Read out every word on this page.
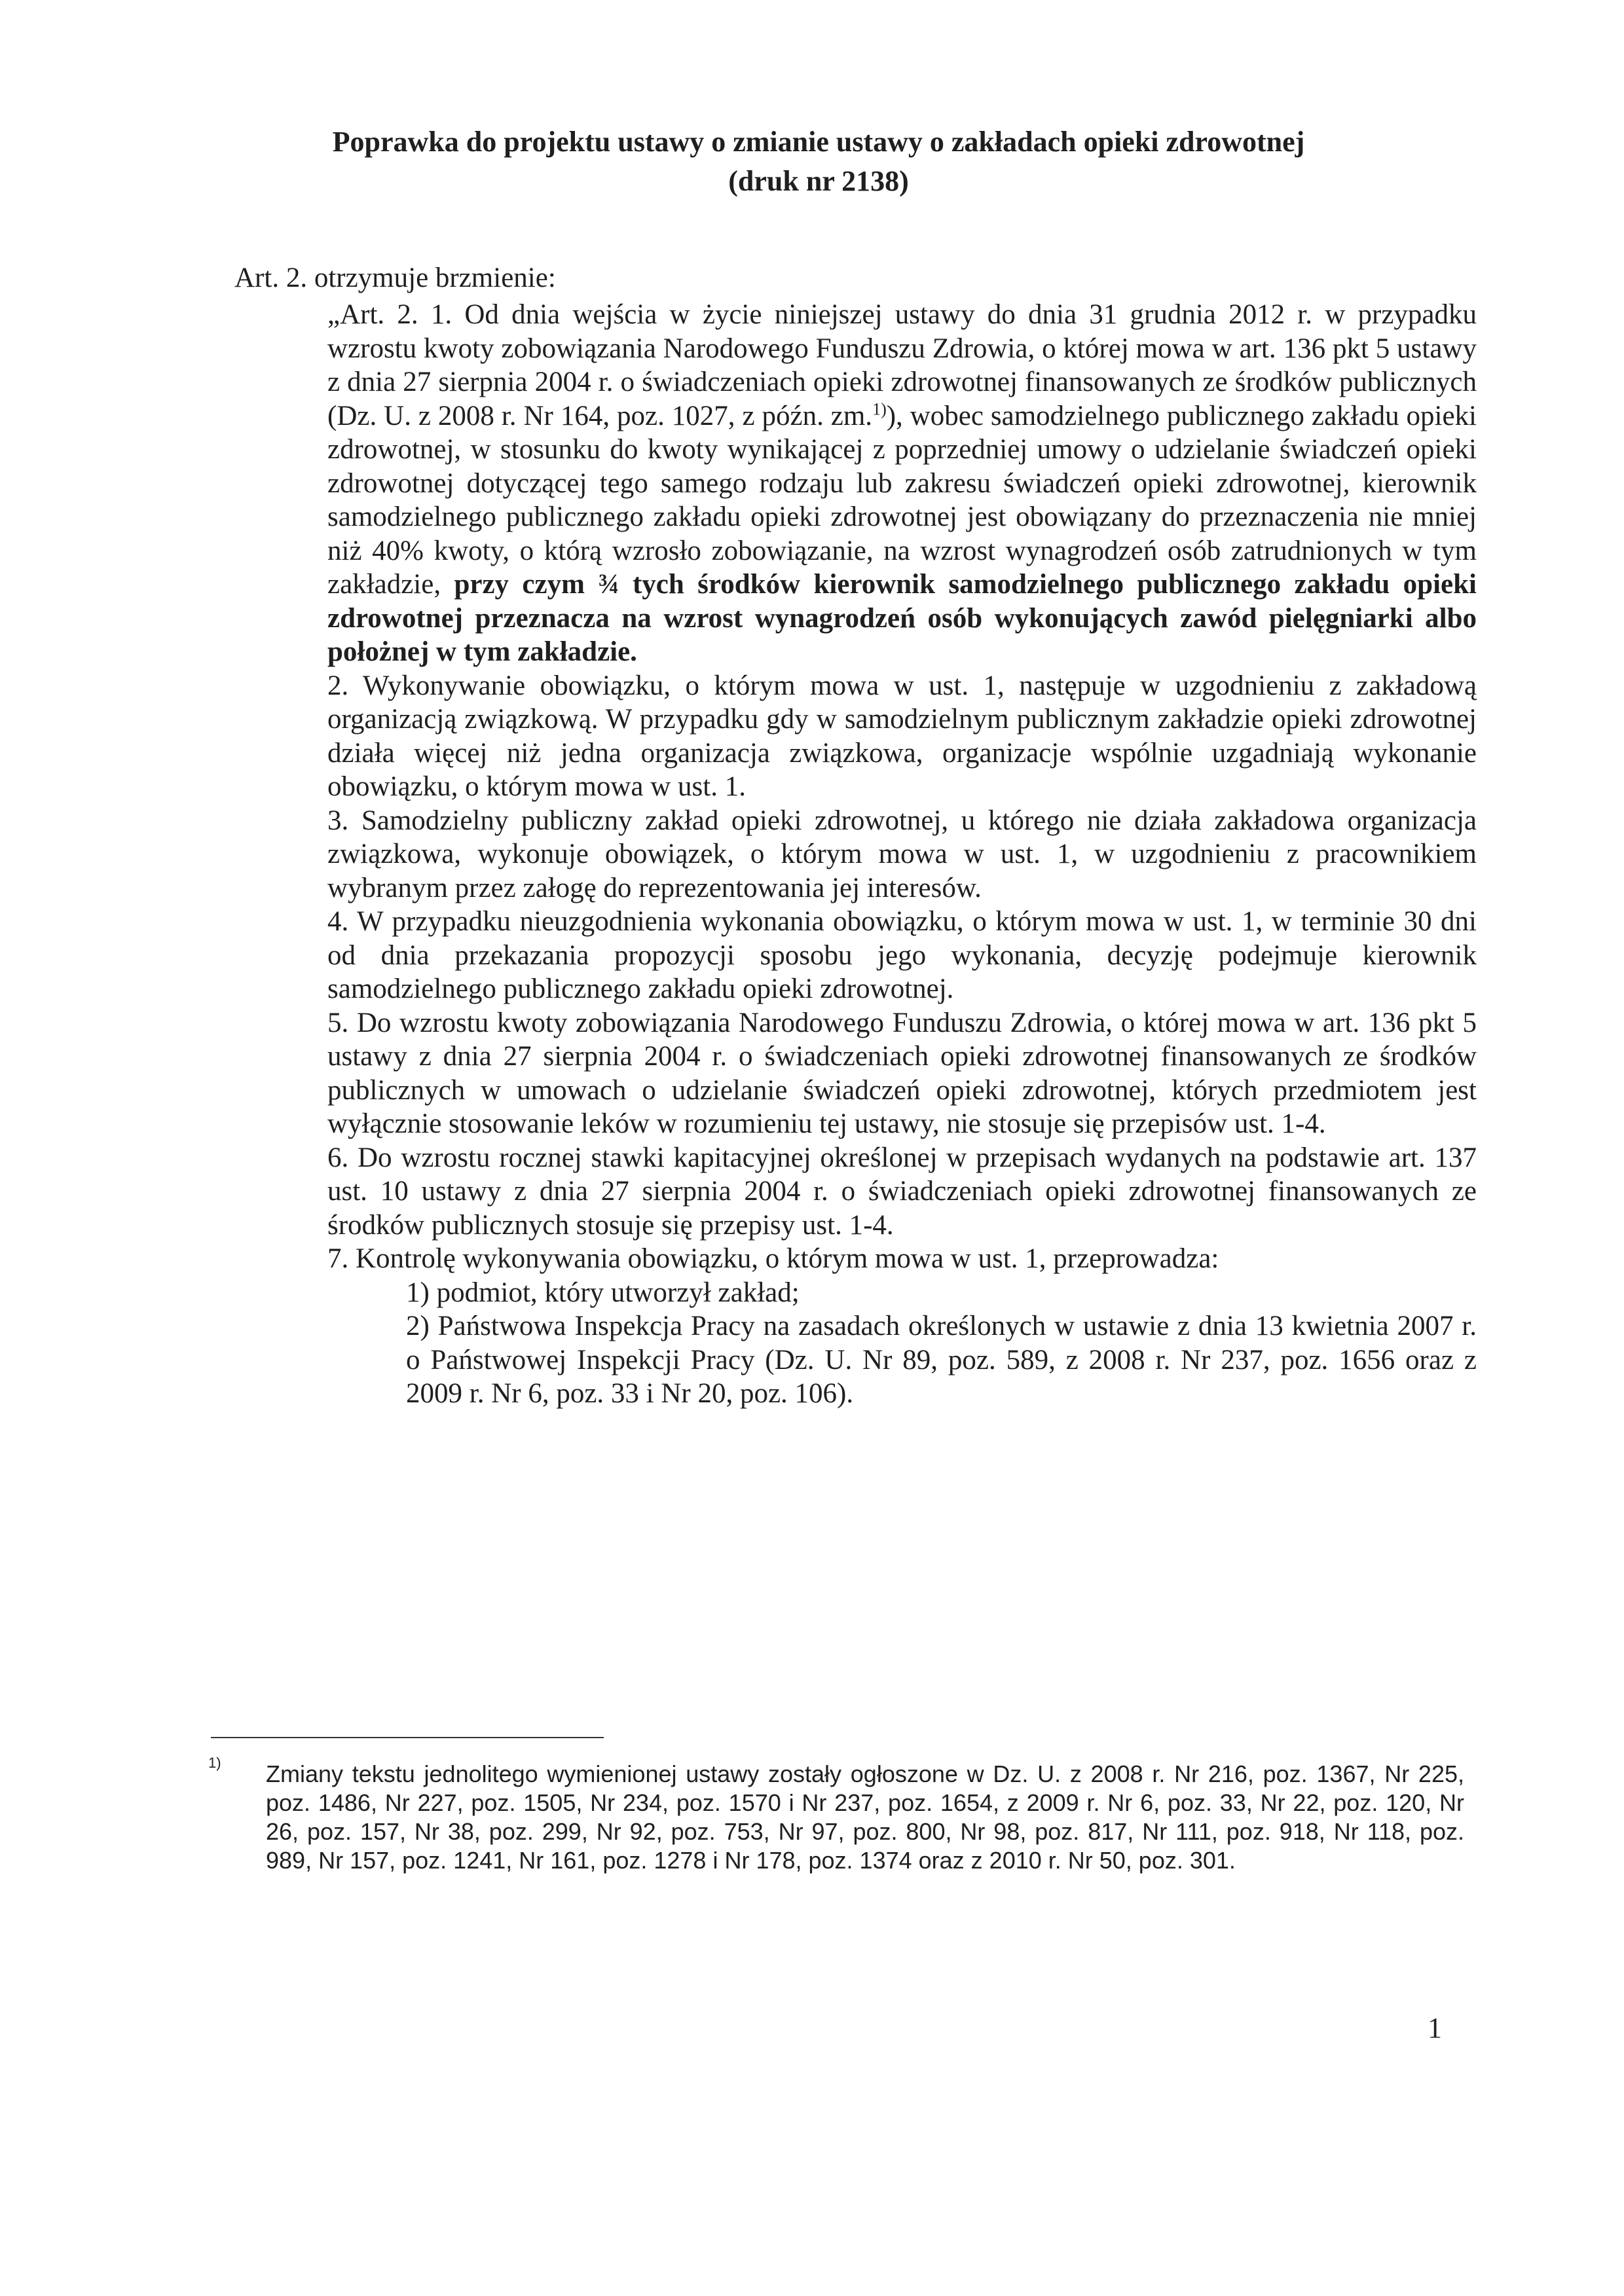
Poprawka do projektu ustawy o zmianie ustawy o zakładach opieki zdrowotnej
(druk nr 2138)
Art. 2. otrzymuje brzmienie:

„Art. 2. 1. Od dnia wejścia w życie niniejszej ustawy do dnia 31 grudnia 2012 r. w przypadku wzrostu kwoty zobowiązania Narodowego Funduszu Zdrowia, o której mowa w art. 136 pkt 5 ustawy z dnia 27 sierpnia 2004 r. o świadczeniach opieki zdrowotnej finansowanych ze środków publicznych (Dz. U. z 2008 r. Nr 164, poz. 1027, z późn. zm.$^{1)}$), wobec samodzielnego publicznego zakładu opieki zdrowotnej, w stosunku do kwoty wynikającej z poprzedniej umowy o udzielanie świadczeń opieki zdrowotnej dotyczącej tego samego rodzaju lub zakresu świadczeń opieki zdrowotnej, kierownik samodzielnego publicznego zakładu opieki zdrowotnej jest obowiązany do przeznaczenia nie mniej niż 40% kwoty, o którą wzrosło zobowiązanie, na wzrost wynagrodzeń osób zatrudnionych w tym zakładzie, przy czym ¾ tych środków kierownik samodzielnego publicznego zakładu opieki zdrowotnej przeznacza na wzrost wynagrodzeń osób wykonujących zawód pielęgniarki albo położnej w tym zakładzie.

2. Wykonywanie obowiązku, o którym mowa w ust. 1, następuje w uzgodnieniu z zakładową organizacją związkową. W przypadku gdy w samodzielnym publicznym zakładzie opieki zdrowotnej działa więcej niż jedna organizacja związkowa, organizacje wspólnie uzgadniają wykonanie obowiązku, o którym mowa w ust. 1.

3. Samodzielny publiczny zakład opieki zdrowotnej, u którego nie działa zakładowa organizacja związkowa, wykonuje obowiązek, o którym mowa w ust. 1, w uzgodnieniu z pracownikiem wybranym przez załogę do reprezentowania jej interesów.

4. W przypadku nieuzgodnienia wykonania obowiązku, o którym mowa w ust. 1, w terminie 30 dni od dnia przekazania propozycji sposobu jego wykonania, decyzję podejmuje kierownik samodzielnego publicznego zakładu opieki zdrowotnej.

5. Do wzrostu kwoty zobowiązania Narodowego Funduszu Zdrowia, o której mowa w art. 136 pkt 5 ustawy z dnia 27 sierpnia 2004 r. o świadczeniach opieki zdrowotnej finansowanych ze środków publicznych w umowach o udzielanie świadczeń opieki zdrowotnej, których przedmiotem jest wyłącznie stosowanie leków w rozumieniu tej ustawy, nie stosuje się przepisów ust. 1-4.

6. Do wzrostu rocznej stawki kapitacyjnej określonej w przepisach wydanych na podstawie art. 137 ust. 10 ustawy z dnia 27 sierpnia 2004 r. o świadczeniach opieki zdrowotnej finansowanych ze środków publicznych stosuje się przepisy ust. 1-4.

7. Kontrolę wykonywania obowiązku, o którym mowa w ust. 1, przeprowadza:

1) podmiot, który utworzył zakład;

2) Państwowa Inspekcja Pracy na zasadach określonych w ustawie z dnia 13 kwietnia 2007 r. o Państwowej Inspekcji Pracy (Dz. U. Nr 89, poz. 589, z 2008 r. Nr 237, poz. 1656 oraz z 2009 r. Nr 6, poz. 33 i Nr 20, poz. 106).

1) Zmiany tekstu jednolitego wymienionej ustawy zostały ogłoszone w Dz. U. z 2008 r. Nr 216, poz. 1367, Nr 225, poz. 1486, Nr 227, poz. 1505, Nr 234, poz. 1570 i Nr 237, poz. 1654, z 2009 r. Nr 6, poz. 33, Nr 22, poz. 120, Nr 26, poz. 157, Nr 38, poz. 299, Nr 92, poz. 753, Nr 97, poz. 800, Nr 98, poz. 817, Nr 111, poz. 918, Nr 118, poz. 989, Nr 157, poz. 1241, Nr 161, poz. 1278 i Nr 178, poz. 1374 oraz z 2010 r. Nr 50, poz. 301.
1
